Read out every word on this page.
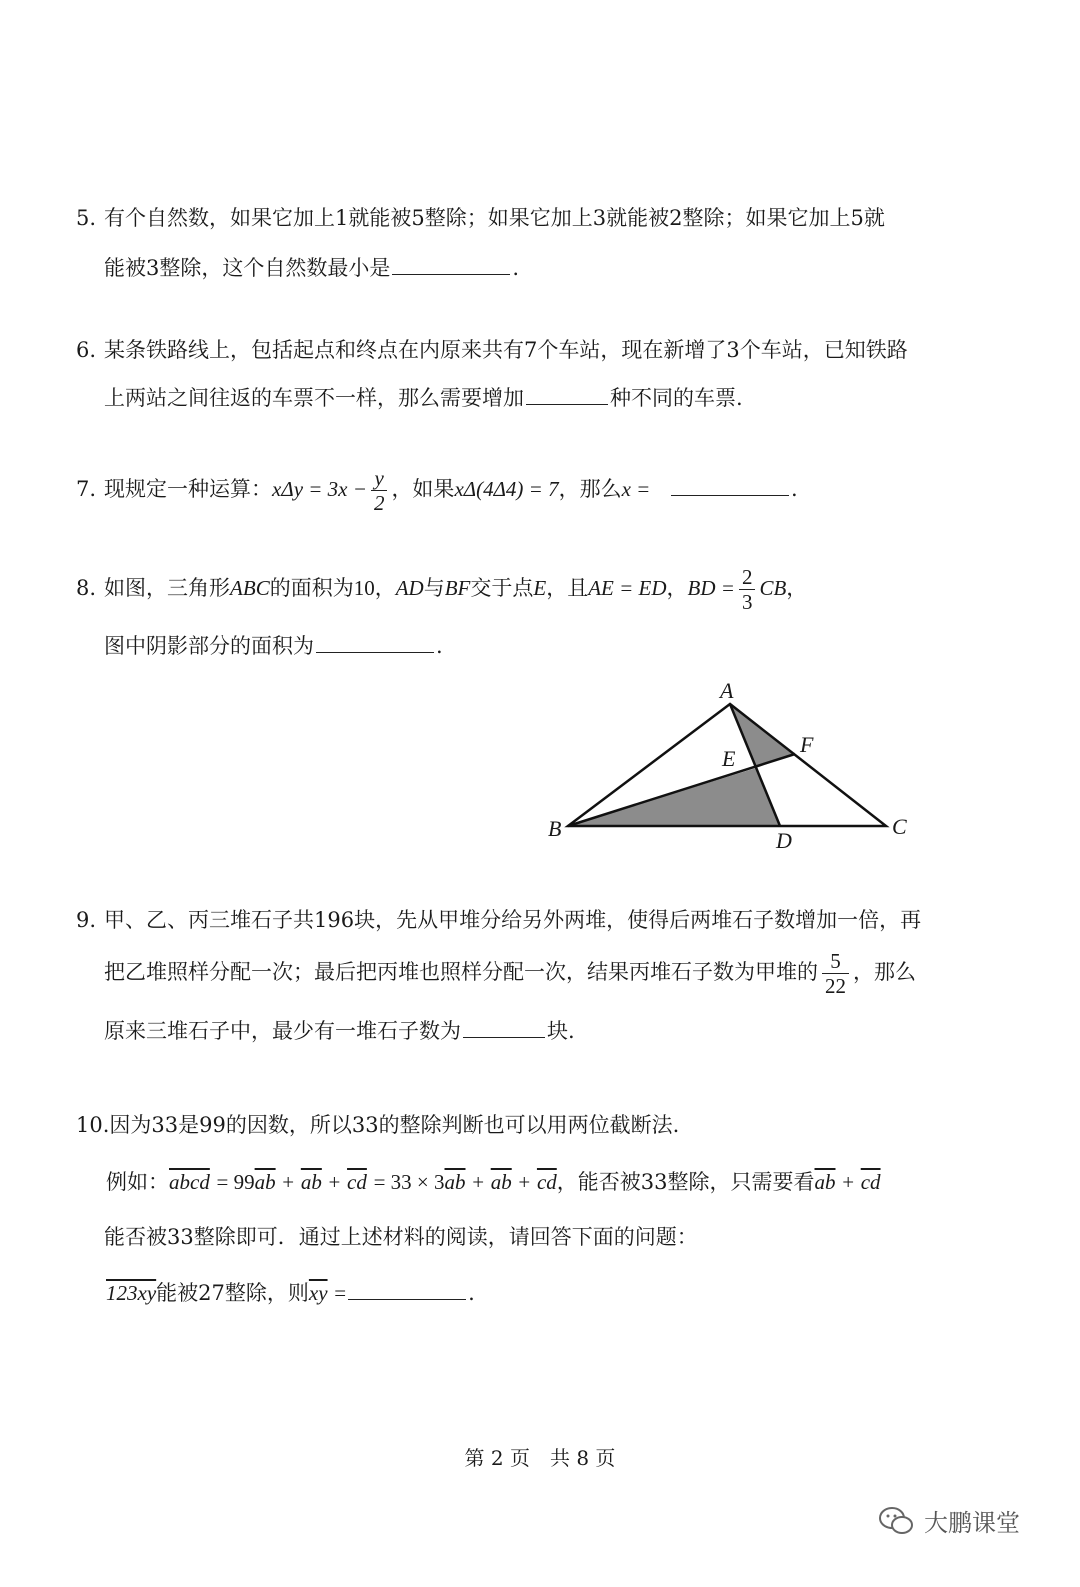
5. 有个自然数，如果它加上1就能被5整除；如果它加上3就能被2整除；如果它加上5就
能被3整除，这个自然数最小是	.
6. 某条铁路线上，包括起点和终点在内原来共有7个车站，现在新增了3个车站，已知铁路
上两站之间往返的车票不一样，那么需要增加	种不同的车票.
7. 现规定一种运算：$x\Delta y = 3x - \frac{y}{2}$ ，如果xΔ(4Δ4) = 7，那么x =	.
8. 如图，三角形ABC的面积为10，AD与BF交于点E，且AE = ED，BD = $\frac{2}{3}$ CB，
图中阴影部分的面积为	.
A
B	C
D
E
F
9. 甲、乙、丙三堆石子共196块，先从甲堆分给另外两堆，使得后两堆石子数增加一倍，再
把乙堆照样分配一次；最后把丙堆也照样分配一次，结果丙堆石子数为甲堆的 $\frac{5}{22}$ ，那么
原来三堆石子中，最少有一堆石子数为	块.
10.因为33是99的因数，所以33的整除判断也可以用两位截断法.
例如：abcd = $99\overline{ab} + \overline{ab} + \overline{cd} = 33 \times 3\overline{ab} + \overline{ab} + \overline{cd}$，能否被33整除，只需要看$\overline{ab} + \overline{cd}$
能否被33整除即可．通过上述材料的阅读，请回答下面的问题：
123xy能被27整除，则$\overline{xy}$ =	.
第 2 页　共 8 页
大鹏课堂
